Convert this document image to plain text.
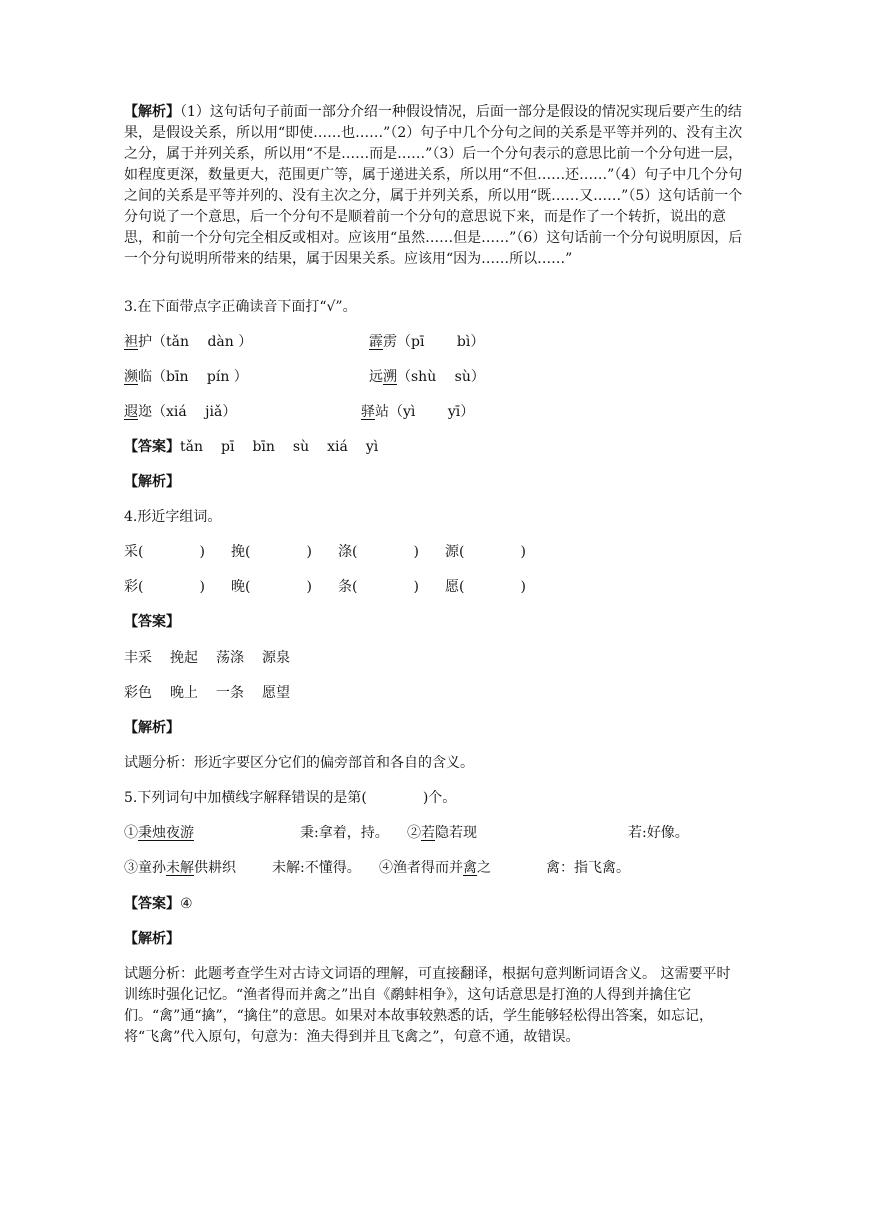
【解析】（1）这句话句子前面一部分介绍一种假设情况，后面一部分是假设的情况实现后要产生的结果，是假设关系，所以用“即使……也……”（2）句子中几个分句之间的关系是平等并列的、没有主次之分，属于并列关系，所以用“不是……而是……”（3）后一个分句表示的意思比前一个分句进一层，如程度更深，数量更大，范围更广等，属于递进关系，所以用“不但……还……”（4）句子中几个分句之间的关系是平等并列的、没有主次之分，属于并列关系，所以用“既……又……”（5）这句话前一个分句说了一个意思，后一个分句不是顺着前一个分句的意思说下来，而是作了一个转折，说出的意思，和前一个分句完全相反或相对。应该用“虽然……但是……”（6）这句话前一个分句说明原因，后一个分句说明所带来的结果，属于因果关系。应该用“因为……所以……”
3.在下面带点字正确读音下面打“√”。
袒护（tǎn　 dàn ）	霹雳（pī　　 bì）
濒临（bīn　 pín ）	远溯（shù　 sù）
遐迩（xiá　 jiǎ）	驿站（yì　　 yī）
【答案】tǎn pī bīn sù xiá yì
【解析】
4.形近字组词。
采(　　　　) 挽(　　　　) 涤(　　　　) 源(　　　　)
彩(　　　　) 晚(　　　　) 条(　　　　) 愿(　　　　)
【答案】
丰采 挽起 荡涤 源泉
彩色 晚上 一条 愿望
【解析】
试题分析：形近字要区分它们的偏旁部首和各自的含义。
5.下列词句中加横线字解释错误的是第(　　　　)个。
①秉烛夜游	秉:拿着，持。 ②若隐若现	若:好像。
③童孙未解供耕织	未解:不懂得。 ④渔者得而并禽之	禽：指飞禽。
【答案】④
【解析】
试题分析：此题考查学生对古诗文词语的理解，可直接翻译，根据句意判断词语含义。 这需要平时训练时强化记忆。“渔者得而并禽之”出自《鹬蚌相争》，这句话意思是打渔的人得到并擒住它们。“禽”通“擒”，“擒住”的意思。如果对本故事较熟悉的话，学生能够轻松得出答案，如忘记，将“飞禽”代入原句，句意为：渔夫得到并且飞禽之”，句意不通，故错误。
